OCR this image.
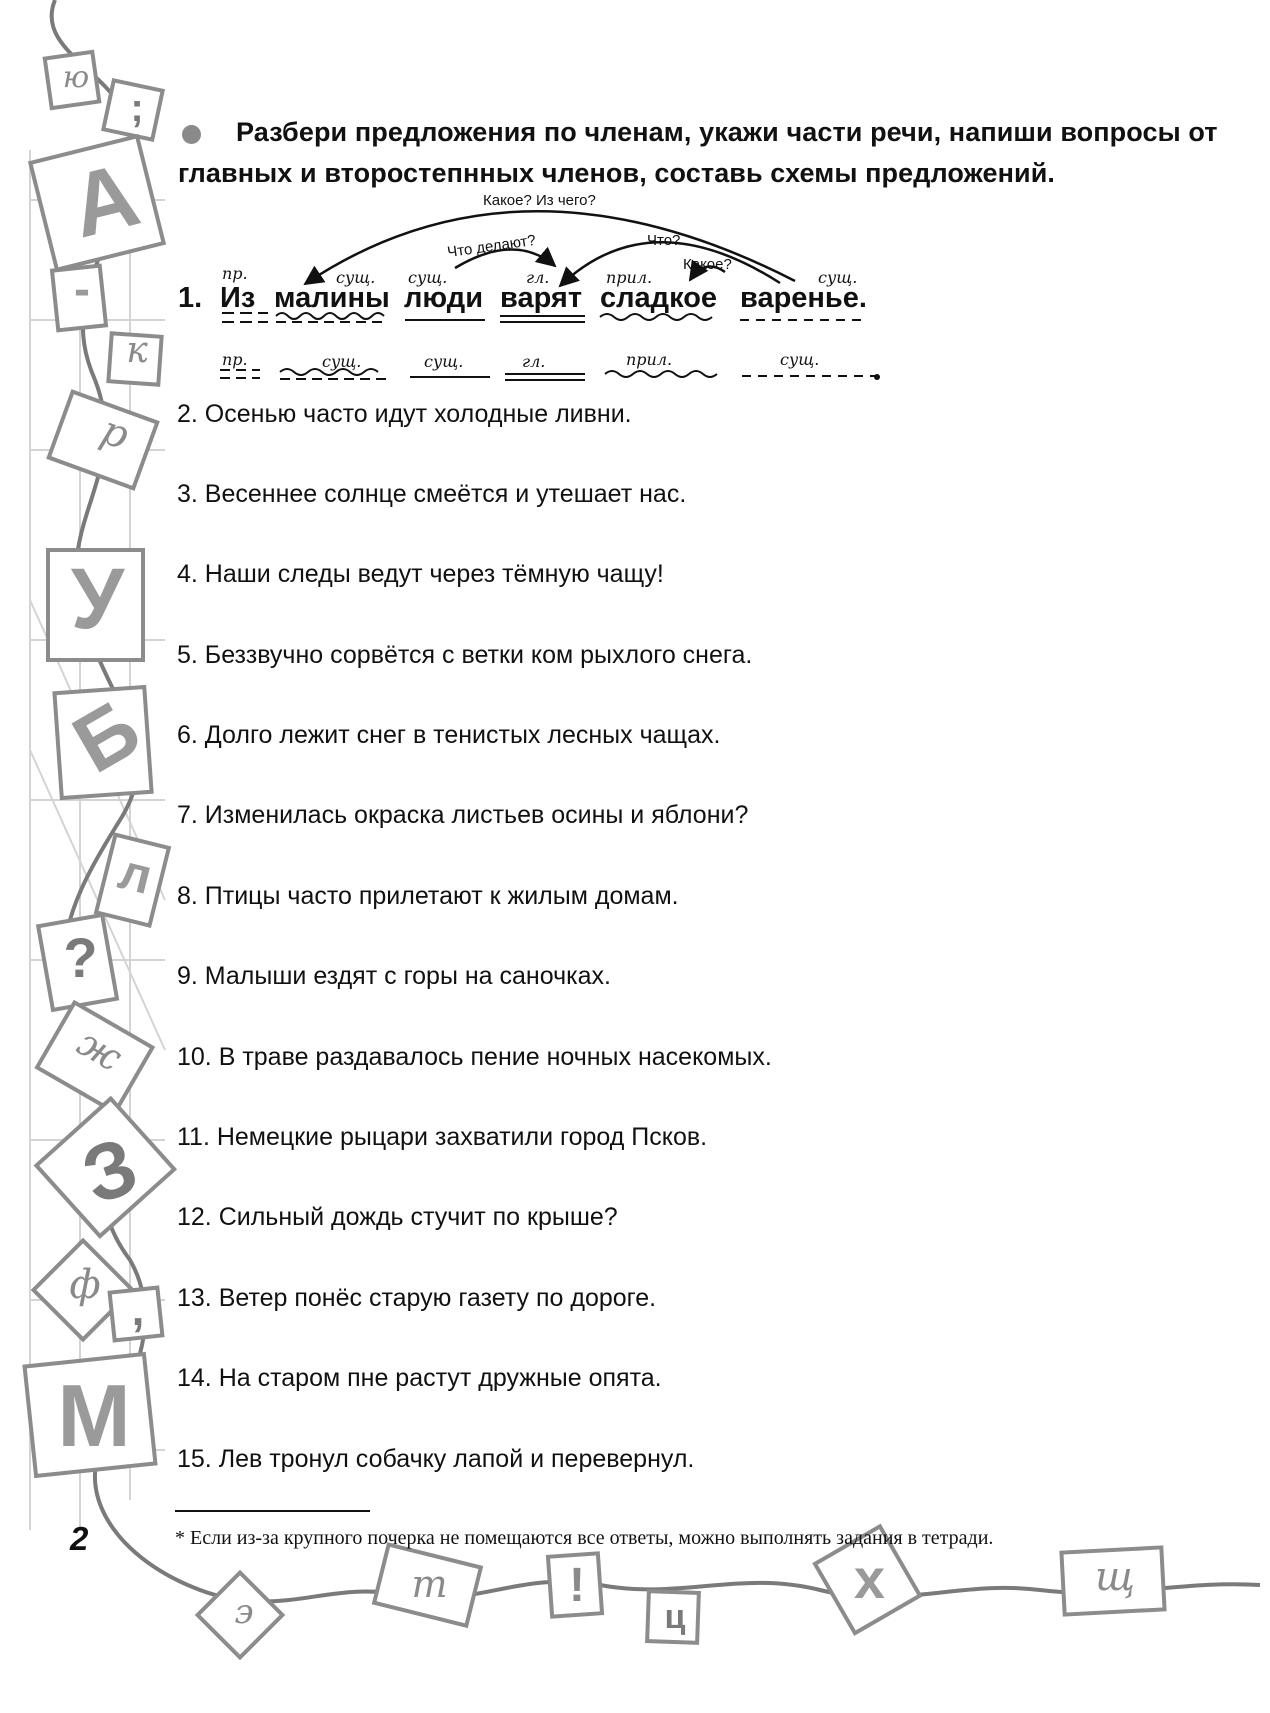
ю
;
А
-
к
р
У
Б
л
?
ж
З
ф ,
М
э
т	!
ц
х	щ
Разбери предложения по членам, укажи части речи, напиши вопросы от главных и второстепнных членов, составь схемы предложений.
Какое? Из чего?
Что делают?	Что?
Какое?
пр.	сущ. сущ.	гл.	прил.	сущ.
1. Из малины люди варят сладкое варенье.
пр.	сущ.	сущ.	гл.	прил.	сущ.
2. Осенью часто идут холодные ливни.
3. Весеннее солнце смеётся и утешает нас.
4. Наши следы ведут через тёмную чащу!
5. Беззвучно сорвётся с ветки ком рыхлого снега.
6. Долго лежит снег в тенистых лесных чащах.
7. Изменилась окраска листьев осины и яблони?
8. Птицы часто прилетают к жилым домам.
9. Малыши ездят с горы на саночках.
10. В траве раздавалось пение ночных насекомых.
11. Немецкие рыцари захватили город Псков.
12. Сильный дождь стучит по крыше?
13. Ветер понёс старую газету по дороге.
14. На старом пне растут дружные опята.
15. Лев тронул собачку лапой и перевернул.
* Если из-за крупного почерка не помещаются все ответы, можно выполнять задания в тетради.
2
